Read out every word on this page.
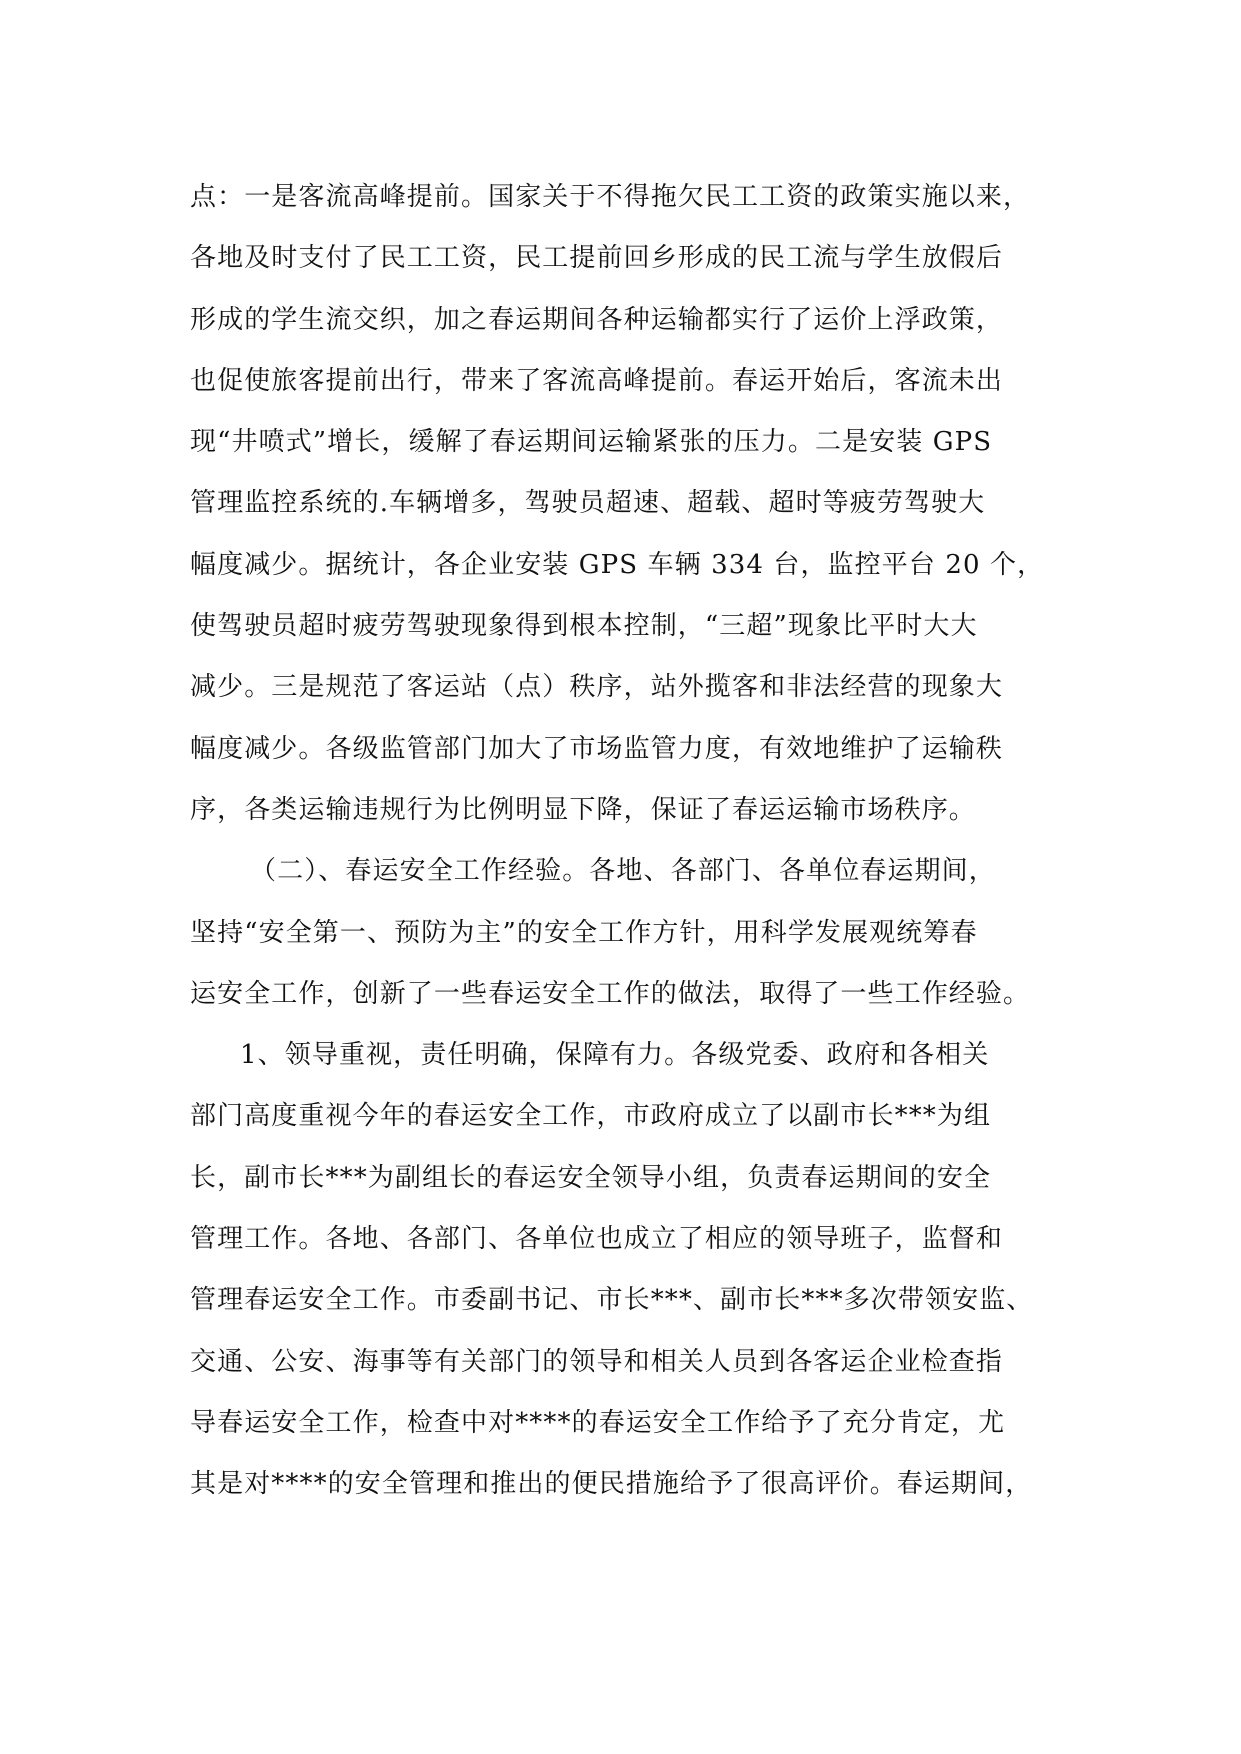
点：一是客流高峰提前。国家关于不得拖欠民工工资的政策实施以来，
各地及时支付了民工工资，民工提前回乡形成的民工流与学生放假后
形成的学生流交织，加之春运期间各种运输都实行了运价上浮政策，
也促使旅客提前出行，带来了客流高峰提前。春运开始后，客流未出
现“井喷式”增长，缓解了春运期间运输紧张的压力。二是安装 GPS
管理监控系统的.车辆增多，驾驶员超速、超载、超时等疲劳驾驶大
幅度减少。据统计，各企业安装 GPS 车辆 334 台，监控平台 20 个，
使驾驶员超时疲劳驾驶现象得到根本控制，“三超”现象比平时大大
减少。三是规范了客运站（点）秩序，站外揽客和非法经营的现象大
幅度减少。各级监管部门加大了市场监管力度，有效地维护了运输秩
序，各类运输违规行为比例明显下降，保证了春运运输市场秩序。
（二）、春运安全工作经验。各地、各部门、各单位春运期间，
坚持“安全第一、预防为主”的安全工作方针，用科学发展观统筹春
运安全工作，创新了一些春运安全工作的做法，取得了一些工作经验。
1、领导重视，责任明确，保障有力。各级党委、政府和各相关
部门高度重视今年的春运安全工作，市政府成立了以副市长***为组
长，副市长***为副组长的春运安全领导小组，负责春运期间的安全
管理工作。各地、各部门、各单位也成立了相应的领导班子，监督和
管理春运安全工作。市委副书记、市长***、副市长***多次带领安监、
交通、公安、海事等有关部门的领导和相关人员到各客运企业检查指
导春运安全工作，检查中对****的春运安全工作给予了充分肯定，尤
其是对****的安全管理和推出的便民措施给予了很高评价。春运期间，
